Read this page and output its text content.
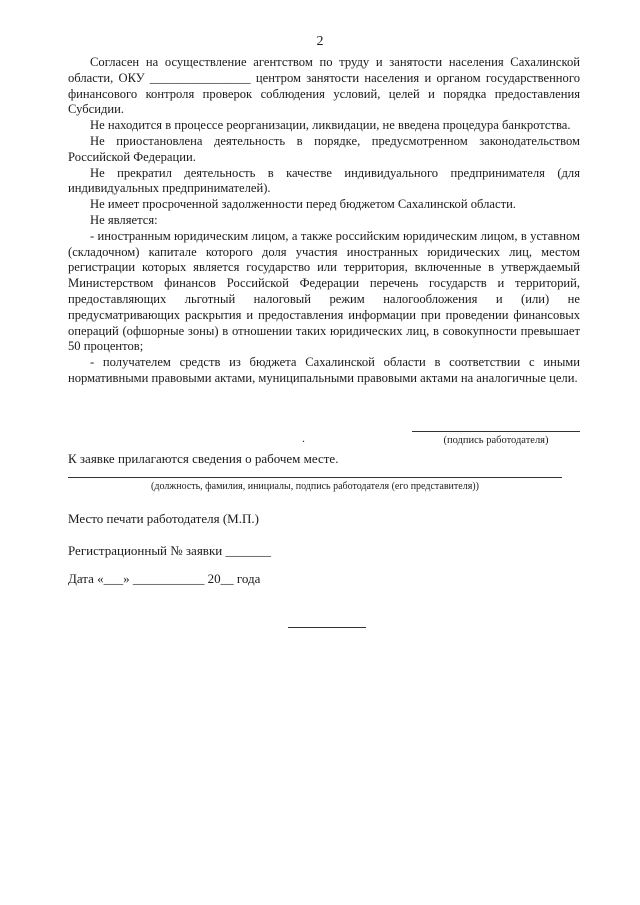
2

Согласен на осуществление агентством по труду и занятости населения Сахалинской области, ОКУ ________________ центром занятости населения и органом государственного финансового контроля проверок соблюдения условий, целей и порядка предоставления Субсидии.

Не находится в процессе реорганизации, ликвидации, не введена процедура банкротства.

Не приостановлена деятельность в порядке, предусмотренном законодательством Российской Федерации.

Не прекратил деятельность в качестве индивидуального предпринимателя (для индивидуальных предпринимателей).

Не имеет просроченной задолженности перед бюджетом Сахалинской области.

Не является:

- иностранным юридическим лицом, а также российским юридическим лицом, в уставном (складочном) капитале которого доля участия иностранных юридических лиц, местом регистрации которых является государство или территория, включенные в утверждаемый Министерством финансов Российской Федерации перечень государств и территорий, предоставляющих льготный налоговый режим налогообложения и (или) не предусматривающих раскрытия и предоставления информации при проведении финансовых операций (офшорные зоны) в отношении таких юридических лиц, в совокупности превышает 50 процентов;

- получателем средств из бюджета Сахалинской области в соответствии с иными нормативными правовыми актами, муниципальными правовыми актами на аналогичные цели.

.	(подпись работодателя)
К заявке прилагаются сведения о рабочем месте.
(должность, фамилия, инициалы, подпись работодателя (его представителя))
Место печати работодателя (М.П.)
Регистрационный № заявки _______
Дата «___» ___________ 20__ года
